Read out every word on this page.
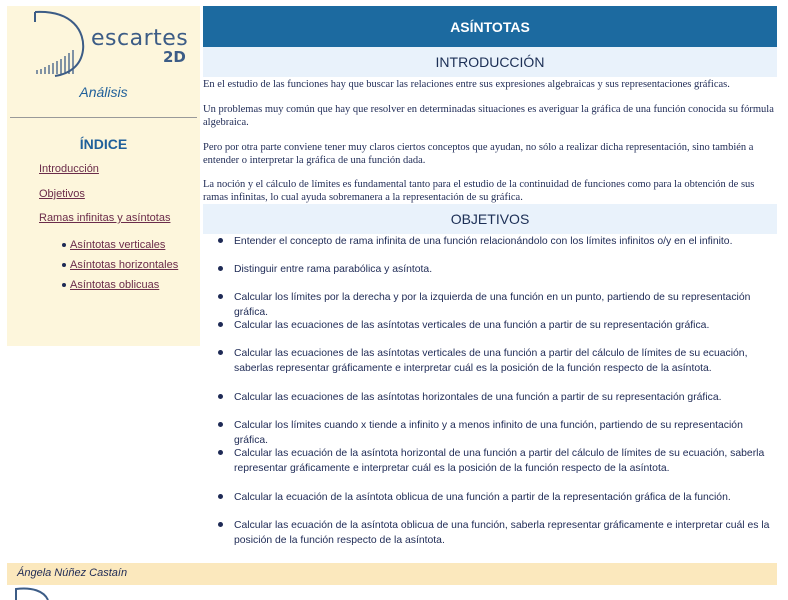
escartes
2D
Análisis
ÍNDICE
Introducción
Objetivos
Ramas infinitas y asíntotas
Asíntotas verticales
Asíntotas horizontales
Asíntotas oblicuas
ASÍNTOTAS
INTRODUCCIÓN

En el estudio de las funciones hay que buscar las relaciones entre sus expresiones algebraicas y sus representaciones gráficas.

Un problemas muy común que hay que resolver en determinadas situaciones es averiguar la gráfica de una función conocida su fórmula algebraica.

Pero por otra parte conviene tener muy claros ciertos conceptos que ayudan, no sólo a realizar dicha representación, sino también a entender o interpretar la gráfica de una función dada.

La noción y el cálculo de límites es fundamental tanto para el estudio de la continuidad de funciones como para la obtención de sus ramas infinitas, lo cual ayuda sobremanera a la representación de su gráfica.

OBJETIVOS

Entender el concepto de rama infinita de una función relacionándolo con los límites infinitos o/y en el infinito.

Distinguir entre rama parabólica y asíntota.

Calcular los límites por la derecha y por la izquierda de una función en un punto, partiendo de su representación gráfica.

Calcular las ecuaciones de las asíntotas verticales de una función a partir de su representación gráfica.

Calcular las ecuaciones de las asíntotas verticales de una función a partir del cálculo de límites de su ecuación, saberlas representar gráficamente e interpretar cuál es la posición de la función respecto de la asíntota.

Calcular las ecuaciones de las asíntotas horizontales de una función a partir de su representación gráfica.

Calcular los límites cuando x tiende a infinito y a menos infinito de una función, partiendo de su representación gráfica.

Calcular las ecuación de la asíntota horizontal de una función a partir del cálculo de límites de su ecuación, saberla representar gráficamente e interpretar cuál es la posición de la función respecto de la asíntota.

Calcular la ecuación de la asíntota oblicua de una función a partir de la representación gráfica de la función.

Calcular las ecuación de la asíntota oblicua de una función, saberla representar gráficamente e interpretar cuál es la posición de la función respecto de la asíntota.

Ángela Núñez Castaín
